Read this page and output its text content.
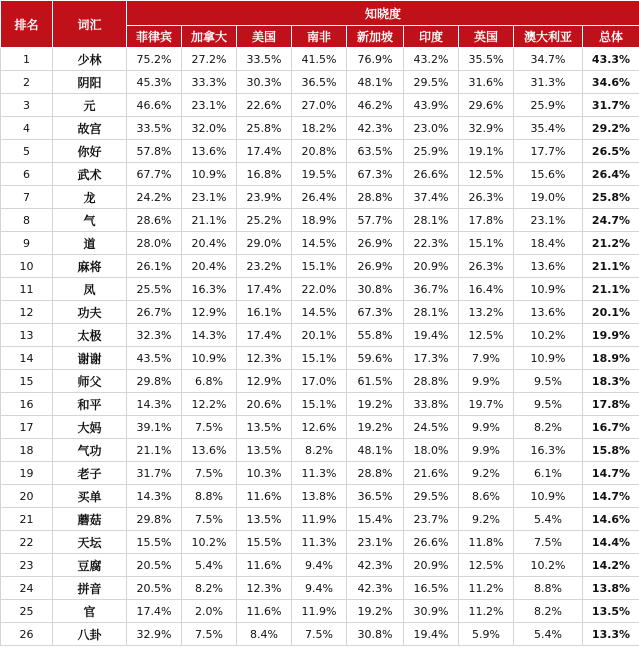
排名	词汇	知晓度								
		菲律宾	加拿大	美国	南非	新加坡	印度	英国	澳大利亚	总体
1	少林	75.2%	27.2%	33.5%	41.5%	76.9%	43.2%	35.5%	34.7%	43.3%
2	阴阳	45.3%	33.3%	30.3%	36.5%	48.1%	29.5%	31.6%	31.3%	34.6%
3	元	46.6%	23.1%	22.6%	27.0%	46.2%	43.9%	29.6%	25.9%	31.7%
4	故宫	33.5%	32.0%	25.8%	18.2%	42.3%	23.0%	32.9%	35.4%	29.2%
5	你好	57.8%	13.6%	17.4%	20.8%	63.5%	25.9%	19.1%	17.7%	26.5%
6	武术	67.7%	10.9%	16.8%	19.5%	67.3%	26.6%	12.5%	15.6%	26.4%
7	龙	24.2%	23.1%	23.9%	26.4%	28.8%	37.4%	26.3%	19.0%	25.8%
8	气	28.6%	21.1%	25.2%	18.9%	57.7%	28.1%	17.8%	23.1%	24.7%
9	道	28.0%	20.4%	29.0%	14.5%	26.9%	22.3%	15.1%	18.4%	21.2%
10	麻将	26.1%	20.4%	23.2%	15.1%	26.9%	20.9%	26.3%	13.6%	21.1%
11	凤	25.5%	16.3%	17.4%	22.0%	30.8%	36.7%	16.4%	10.9%	21.1%
12	功夫	26.7%	12.9%	16.1%	14.5%	67.3%	28.1%	13.2%	13.6%	20.1%
13	太极	32.3%	14.3%	17.4%	20.1%	55.8%	19.4%	12.5%	10.2%	19.9%
14	谢谢	43.5%	10.9%	12.3%	15.1%	59.6%	17.3%	7.9%	10.9%	18.9%
15	师父	29.8%	6.8%	12.9%	17.0%	61.5%	28.8%	9.9%	9.5%	18.3%
16	和平	14.3%	12.2%	20.6%	15.1%	19.2%	33.8%	19.7%	9.5%	17.8%
17	大妈	39.1%	7.5%	13.5%	12.6%	19.2%	24.5%	9.9%	8.2%	16.7%
18	气功	21.1%	13.6%	13.5%	8.2%	48.1%	18.0%	9.9%	16.3%	15.8%
19	老子	31.7%	7.5%	10.3%	11.3%	28.8%	21.6%	9.2%	6.1%	14.7%
20	买单	14.3%	8.8%	11.6%	13.8%	36.5%	29.5%	8.6%	10.9%	14.7%
21	蘑菇	29.8%	7.5%	13.5%	11.9%	15.4%	23.7%	9.2%	5.4%	14.6%
22	天坛	15.5%	10.2%	15.5%	11.3%	23.1%	26.6%	11.8%	7.5%	14.4%
23	豆腐	20.5%	5.4%	11.6%	9.4%	42.3%	20.9%	12.5%	10.2%	14.2%
24	拼音	20.5%	8.2%	12.3%	9.4%	42.3%	16.5%	11.2%	8.8%	13.8%
25	官	17.4%	2.0%	11.6%	11.9%	19.2%	30.9%	11.2%	8.2%	13.5%
26	八卦	32.9%	7.5%	8.4%	7.5%	30.8%	19.4%	5.9%	5.4%	13.3%
